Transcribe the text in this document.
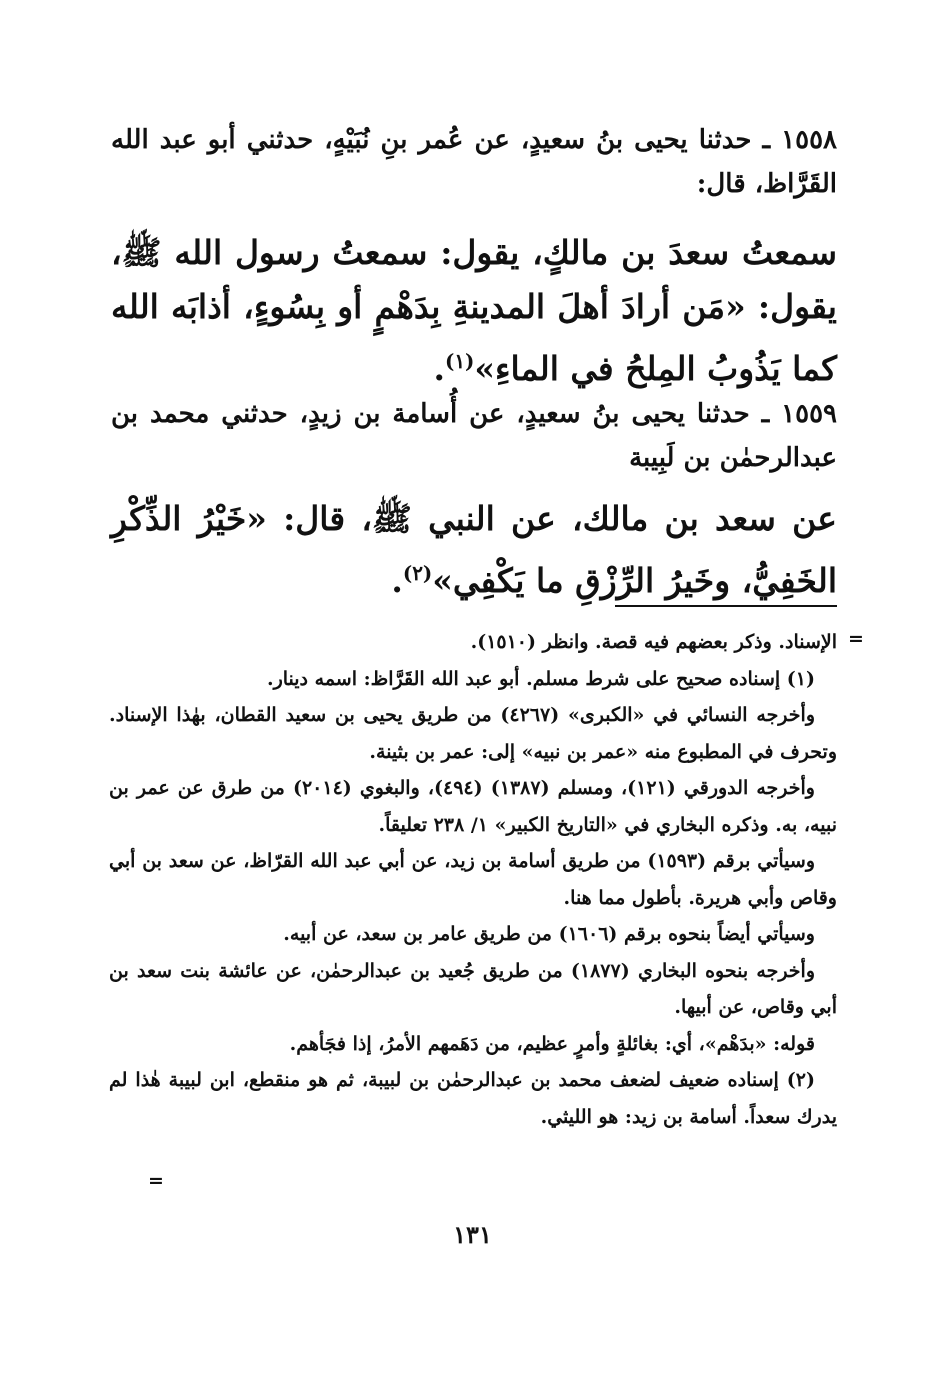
١٥٥٨ ـ حدثنا يحيى بنُ سعيدٍ، عن عُمر بنِ نُبَيْهٍ، حدثني أبو عبد الله القَرَّاظ، قال:

سمعتُ سعدَ بن مالكٍ، يقول: سمعتُ رسول الله ﷺ، يقول: «مَن أرادَ أهلَ المدينةِ بِدَهْمٍ أو بِسُوءٍ، أذابَه الله كما يَذُوبُ المِلحُ في الماءِ»$^{(١)}$.

١٥٥٩ ـ حدثنا يحيى بنُ سعيدٍ، عن أُسامة بن زيدٍ، حدثني محمد بن عبدالرحمٰن بن لَبِيبة

عن سعد بن مالك، عن النبي ﷺ، قال: «خَيْرُ الذِّكْرِ الخَفِيُّ، وخَيرُ الرِّزْقِ ما يَكْفِي»$^{(٢)}$.

=

الإسناد. وذكر بعضهم فيه قصة. وانظر (١٥١٠).

(١) إسناده صحيح على شرط مسلم. أبو عبد الله القَرَّاظ: اسمه دينار.

وأخرجه النسائي في «الكبرى» (٤٢٦٧) من طريق يحيى بن سعيد القطان، بهٰذا الإسناد. وتحرف في المطبوع منه «عمر بن نبيه» إلى: عمر بن بثينة.

وأخرجه الدورقي (١٢١)، ومسلم (١٣٨٧) (٤٩٤)، والبغوي (٢٠١٤) من طرق عن عمر بن نبيه، به. وذكره البخاري في «التاريخ الكبير» ١/ ٢٣٨ تعليقاً.

وسيأتي برقم (١٥٩٣) من طريق أسامة بن زيد، عن أبي عبد الله القرّاظ، عن سعد بن أبي وقاص وأبي هريرة. بأطول مما هنا.

وسيأتي أيضاً بنحوه برقم (١٦٠٦) من طريق عامر بن سعد، عن أبيه.

وأخرجه بنحوه البخاري (١٨٧٧) من طريق جُعيد بن عبدالرحمٰن، عن عائشة بنت سعد بن أبي وقاص، عن أبيها.

قوله: «بدَهْم»، أي: بغائلةٍ وأمرٍ عظيم، من دَهَمهم الأمرُ، إذا فجَأهم.

(٢) إسناده ضعيف لضعف محمد بن عبدالرحمٰن بن لبيبة، ثم هو منقطع، ابن لبيبة هٰذا لم يدرك سعداً. أسامة بن زيد: هو الليثي.

=
١٣١
